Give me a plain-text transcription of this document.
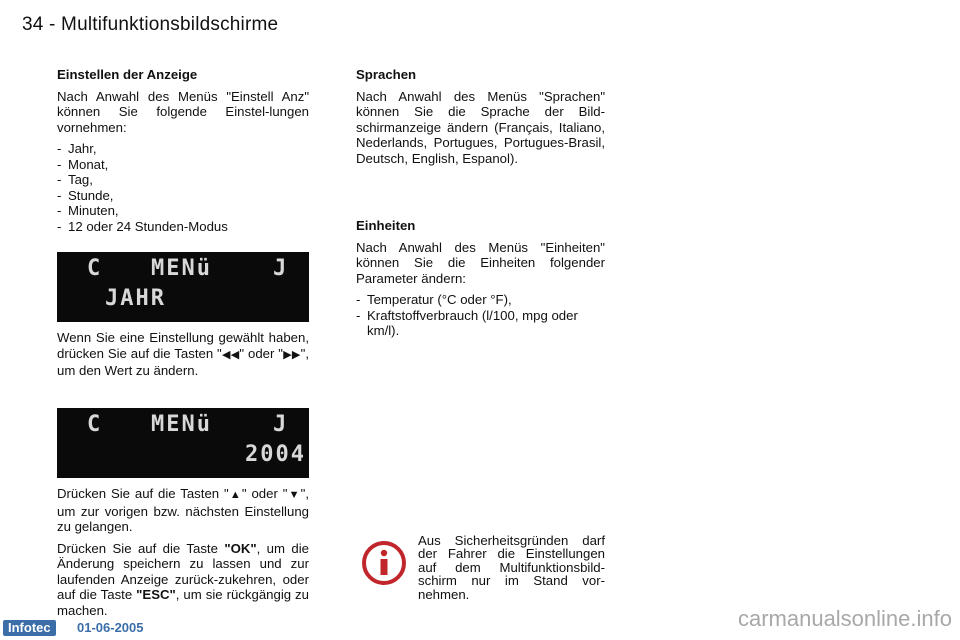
34 - Multifunktionsbildschirme

Einstellen der Anzeige

Nach Anwahl des Menüs "Einstell Anz" können Sie folgende Einstel-lungen vornehmen:

- Jahr,
- Monat,
- Tag,
- Stunde,
- Minuten,
- 12 oder 24 Stunden-Modus
C MENü	J
JAHR

Wenn Sie eine Einstellung gewählt haben, drücken Sie auf die Tasten "◀◀" oder "▶▶", um den Wert zu ändern.

C MENü	J
2004

Drücken Sie auf die Tasten "▲" oder "▼", um zur vorigen bzw. nächsten Einstellung zu gelangen.

Drücken Sie auf die Taste "OK", um die Änderung speichern zu lassen und zur laufenden Anzeige zurück-zukehren, oder auf die Taste "ESC", um sie rückgängig zu machen.

Sprachen

Nach Anwahl des Menüs "Sprachen" können Sie die Sprache der Bild-schirmanzeige ändern (Français, Italiano, Nederlands, Portugues, Portugues-Brasil, Deutsch, English, Espanol).

Einheiten

Nach Anwahl des Menüs "Einheiten" können Sie die Einheiten folgender Parameter ändern:

- Temperatur (°C oder °F),
- Kraftstoffverbrauch (l/100, mpg oder km/l).
Aus Sicherheitsgründen darf der Fahrer die Einstellungen auf dem Multifunktionsbild-schirm nur im Stand vor-nehmen.
Infotec	01-06-2005	carmanualsonline.info
